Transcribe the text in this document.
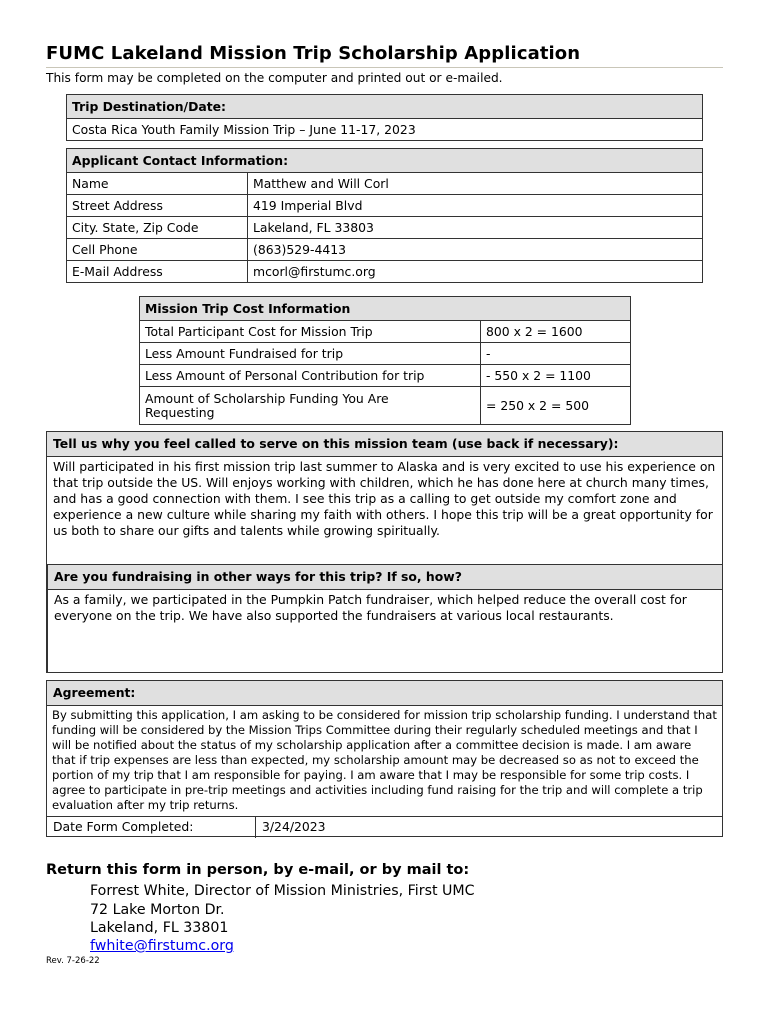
FUMC Lakeland Mission Trip Scholarship Application
This form may be completed on the computer and printed out or e-mailed.
Trip Destination/Date:
Costa Rica Youth Family Mission Trip – June 11-17, 2023
Applicant Contact Information:	
Name	Matthew and Will Corl
Street Address	419 Imperial Blvd
City. State, Zip Code	Lakeland, FL 33803
Cell Phone	(863)529-4413
E-Mail Address	mcorl@firstumc.org
Mission Trip Cost Information	
Total Participant Cost for Mission Trip	800 x 2 = 1600
Less Amount Fundraised for trip	-
Less Amount of Personal Contribution for trip	- 550 x 2 = 1100
Amount of Scholarship Funding You Are Requesting	= 250 x 2 = 500
Tell us why you feel called to serve on this mission team (use back if necessary):
Will participated in his first mission trip last summer to Alaska and is very excited to use his experience on that trip outside the US. Will enjoys working with children, which he has done here at church many times, and has a good connection with them. I see this trip as a calling to get outside my comfort zone and experience a new culture while sharing my faith with others. I hope this trip will be a great opportunity for us both to share our gifts and talents while growing spiritually.
Are you fundraising in other ways for this trip? If so, how?
As a family, we participated in the Pumpkin Patch fundraiser, which helped reduce the overall cost for everyone on the trip. We have also supported the fundraisers at various local restaurants.
Agreement:
By submitting this application, I am asking to be considered for mission trip scholarship funding. I understand that funding will be considered by the Mission Trips Committee during their regularly scheduled meetings and that I will be notified about the status of my scholarship application after a committee decision is made. I am aware that if trip expenses are less than expected, my scholarship amount may be decreased so as not to exceed the portion of my trip that I am responsible for paying. I am aware that I may be responsible for some trip costs. I agree to participate in pre-trip meetings and activities including fund raising for the trip and will complete a trip evaluation after my trip returns.
Date Form Completed:	3/24/2023
Return this form in person, by e-mail, or by mail to:
Forrest White, Director of Mission Ministries, First UMC
72 Lake Morton Dr.
Lakeland, FL 33801
fwhite@firstumc.org
Rev. 7-26-22
